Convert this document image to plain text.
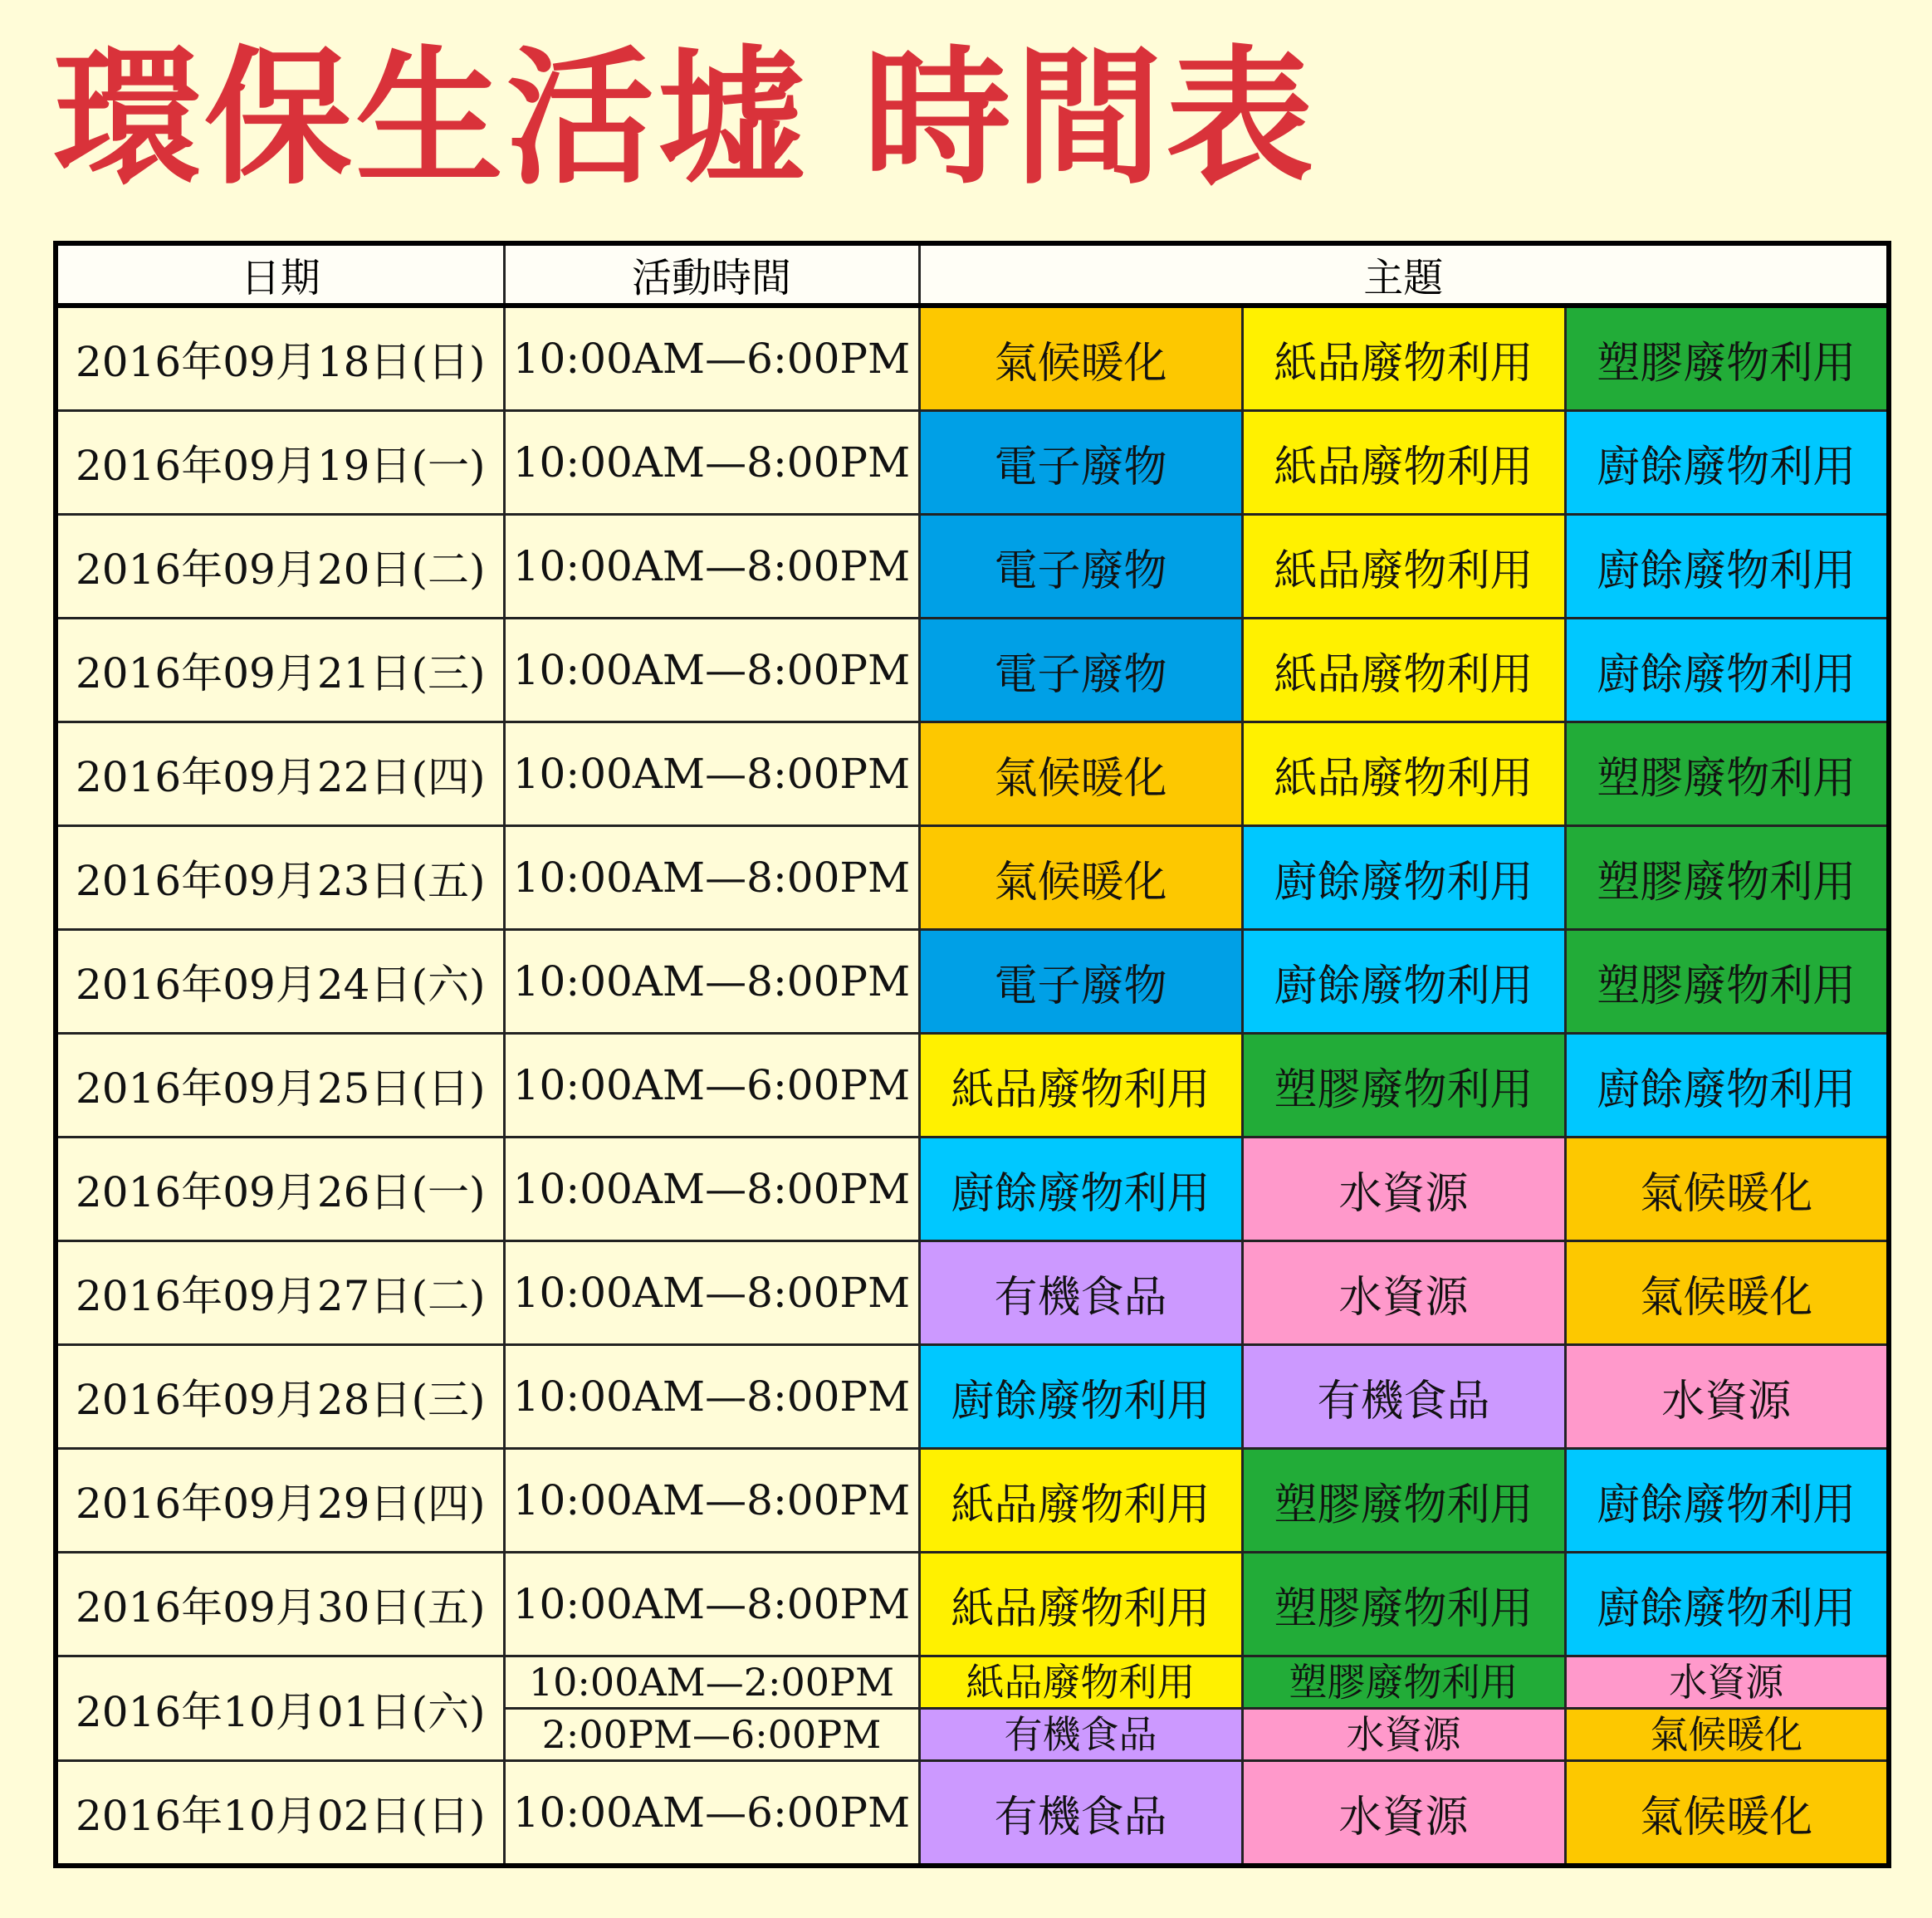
環保生活墟 時間表
日期	活動時間	主題		
2016年09月18日(日)	10:00AM—6:00PM	氣候暖化	紙品廢物利用	塑膠廢物利用
2016年09月19日(一)	10:00AM—8:00PM	電子廢物	紙品廢物利用	廚餘廢物利用
2016年09月20日(二)	10:00AM—8:00PM	電子廢物	紙品廢物利用	廚餘廢物利用
2016年09月21日(三)	10:00AM—8:00PM	電子廢物	紙品廢物利用	廚餘廢物利用
2016年09月22日(四)	10:00AM—8:00PM	氣候暖化	紙品廢物利用	塑膠廢物利用
2016年09月23日(五)	10:00AM—8:00PM	氣候暖化	廚餘廢物利用	塑膠廢物利用
2016年09月24日(六)	10:00AM—8:00PM	電子廢物	廚餘廢物利用	塑膠廢物利用
2016年09月25日(日)	10:00AM—6:00PM	紙品廢物利用	塑膠廢物利用	廚餘廢物利用
2016年09月26日(一)	10:00AM—8:00PM	廚餘廢物利用	水資源	氣候暖化
2016年09月27日(二)	10:00AM—8:00PM	有機食品	水資源	氣候暖化
2016年09月28日(三)	10:00AM—8:00PM	廚餘廢物利用	有機食品	水資源
2016年09月29日(四)	10:00AM—8:00PM	紙品廢物利用	塑膠廢物利用	廚餘廢物利用
2016年09月30日(五)	10:00AM—8:00PM	紙品廢物利用	塑膠廢物利用	廚餘廢物利用
2016年10月01日(六)	10:00AM—2:00PM	紙品廢物利用	塑膠廢物利用	水資源
	2:00PM—6:00PM	有機食品	水資源	氣候暖化
2016年10月02日(日)	10:00AM—6:00PM	有機食品	水資源	氣候暖化
